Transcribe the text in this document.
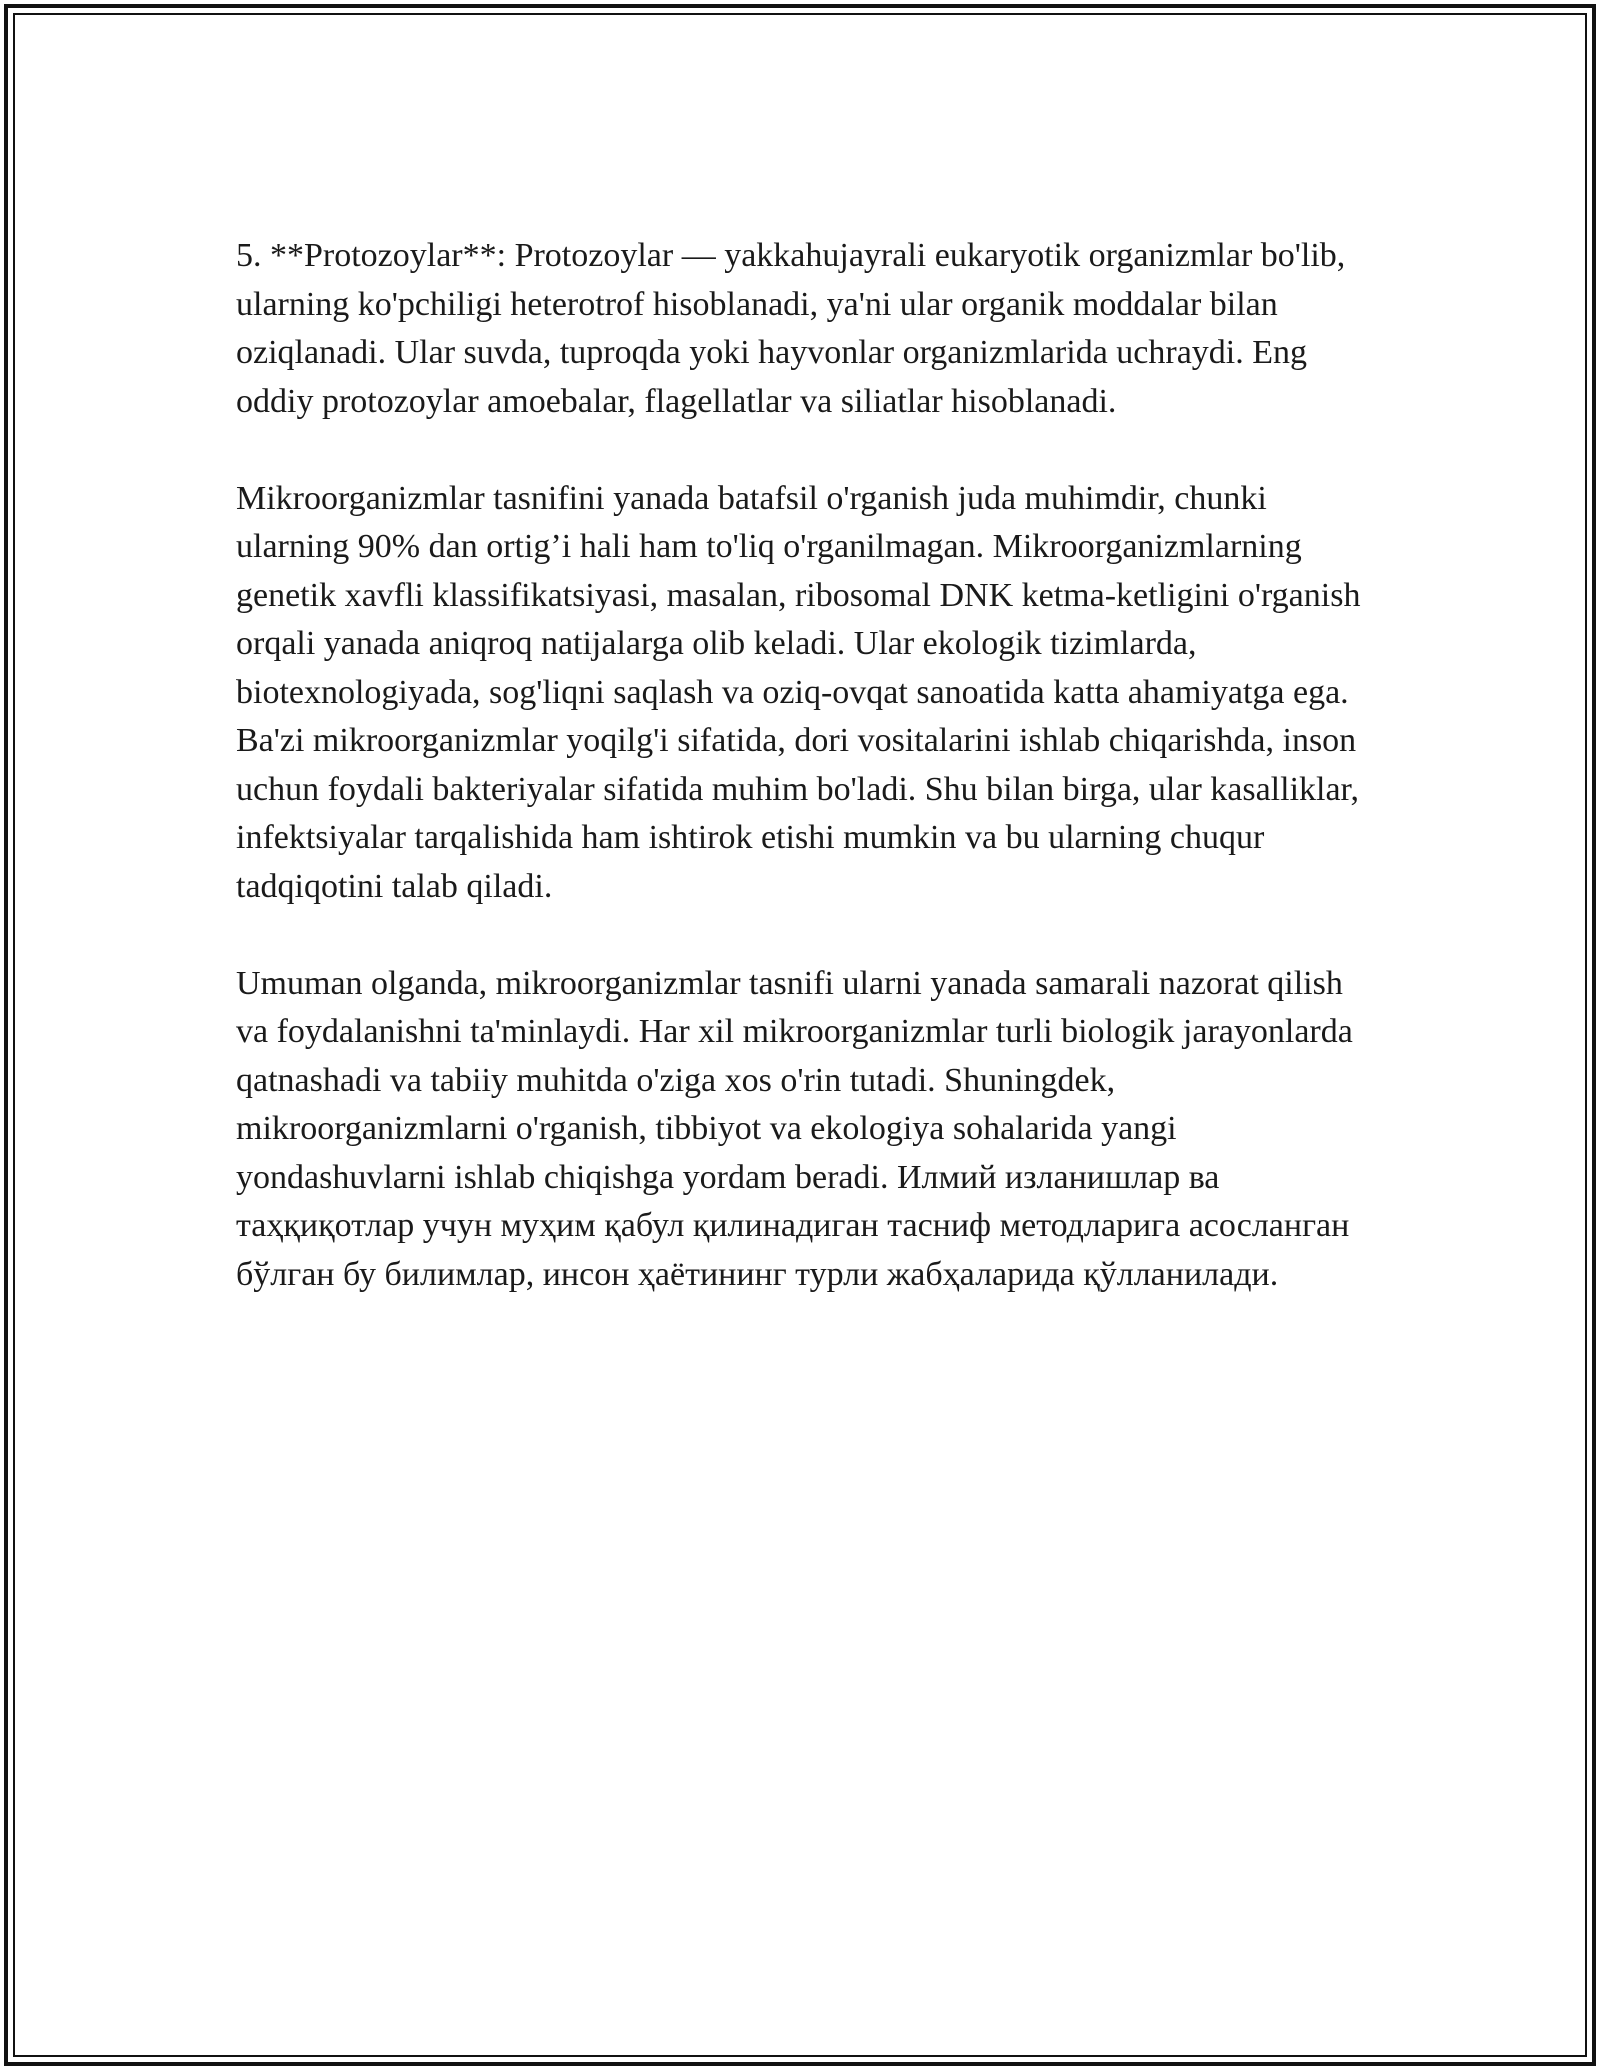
5. **Protozoylar**: Protozoylar — yakkahujayrali eukaryotik organizmlar bo'lib, ularning ko'pchiligi heterotrof hisoblanadi, ya'ni ular organik moddalar bilan oziqlanadi. Ular suvda, tuproqda yoki hayvonlar organizmlarida uchraydi. Eng oddiy protozoylar amoebalar, flagellatlar va siliatlar hisoblanadi.

Mikroorganizmlar tasnifini yanada batafsil o'rganish juda muhimdir, chunki ularning 90% dan ortig’i hali ham to'liq o'rganilmagan. Mikroorganizmlarning genetik xavfli klassifikatsiyasi, masalan, ribosomal DNK ketma-ketligini o'rganish orqali yanada aniqroq natijalarga olib keladi. Ular ekologik tizimlarda, biotexnologiyada, sog'liqni saqlash va oziq-ovqat sanoatida katta ahamiyatga ega. Ba'zi mikroorganizmlar yoqilg'i sifatida, dori vositalarini ishlab chiqarishda, inson uchun foydali bakteriyalar sifatida muhim bo'ladi. Shu bilan birga, ular kasalliklar, infektsiyalar tarqalishida ham ishtirok etishi mumkin va bu ularning chuqur tadqiqotini talab qiladi.

Umuman olganda, mikroorganizmlar tasnifi ularni yanada samarali nazorat qilish va foydalanishni ta'minlaydi. Har xil mikroorganizmlar turli biologik jarayonlarda qatnashadi va tabiiy muhitda o'ziga xos o'rin tutadi. Shuningdek, mikroorganizmlarni o'rganish, tibbiyot va ekologiya sohalarida yangi yondashuvlarni ishlab chiqishga yordam beradi. Илмий изланишлар ва таҳқиқотлар учун муҳим қабул қилинадиган тасниф методларига асосланган бўлган бу билимлар, инсон ҳаётининг турли жабҳаларида қўлланилади.
